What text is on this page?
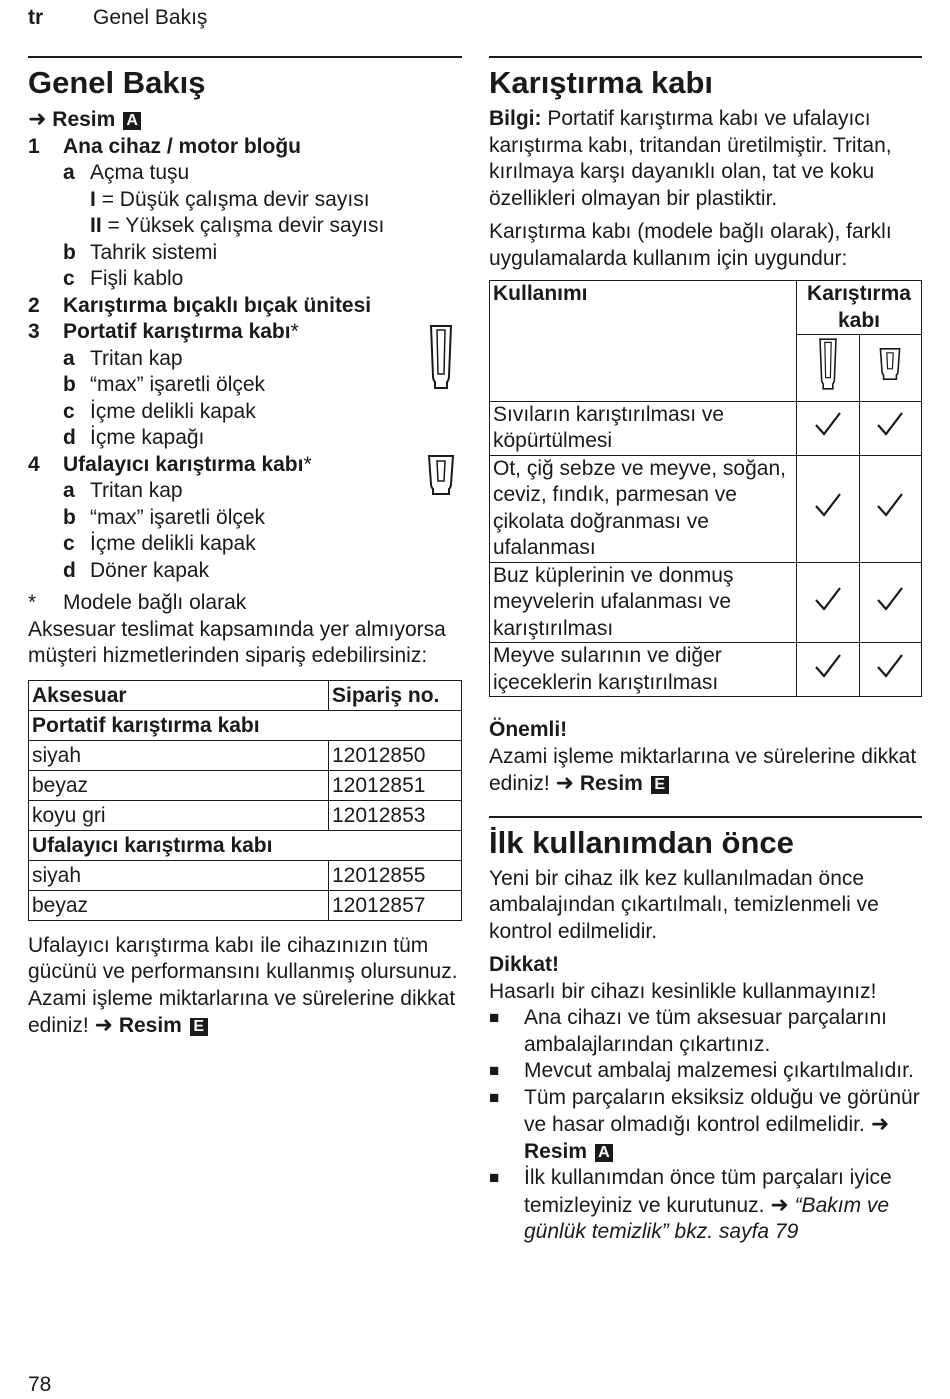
tr Genel Bakış
Genel Bakış
➜ Resim A
1	Ana cihaz / motor bloğu
a Açma tuşu
I = Düşük çalışma devir sayısı
II = Yüksek çalışma devir sayısı
b Tahrik sistemi
c Fişli kablo
2	Karıştırma bıçaklı bıçak ünitesi
3	Portatif karıştırma kabı*
a Tritan kap
b “max” işaretli ölçek
c İçme delikli kapak
d İçme kapağı
4	Ufalayıcı karıştırma kabı*
a Tritan kap
b “max” işaretli ölçek
c İçme delikli kapak
d Döner kapak
*	Modele bağlı olarak

Aksesuar teslimat kapsamında yer almıyorsa müşteri hizmetlerinden sipariş edebilirsiniz:

Aksesuar	Sipariş no.
Portatif karıştırma kabı	
siyah	12012850
beyaz	12012851
koyu gri	12012853
Ufalayıcı karıştırma kabı	
siyah	12012855
beyaz	12012857

Ufalayıcı karıştırma kabı ile cihazınızın tüm gücünü ve performansını kullanmış olursunuz. Azami işleme miktarlarına ve sürelerine dikkat ediniz! ➜ Resim E

Karıştırma kabı

Bilgi: Portatif karıştırma kabı ve ufalayıcı karıştırma kabı, tritandan üretilmiştir. Tritan, kırılmaya karşı dayanıklı olan, tat ve koku özellikleri olmayan bir plastiktir.

Karıştırma kabı (modele bağlı olarak), farklı uygulamalarda kullanım için uygundur:

Kullanımı	Karıştırma kabı	

Sıvıların karıştırılması ve köpürtülmesi		
Ot, çiğ sebze ve meyve, soğan, ceviz, fındık, parmesan ve çikolata doğranması ve ufalanması		
Buz küplerinin ve donmuş meyvelerin ufalanması ve karıştırılması		
Meyve sularının ve diğer içeceklerin karıştırılması		

Önemli!

Azami işleme miktarlarına ve sürelerine dikkat ediniz! ➜ Resim E

İlk kullanımdan önce

Yeni bir cihaz ilk kez kullanılmadan önce ambalajından çıkartılmalı, temizlenmeli ve kontrol edilmelidir.

Dikkat!

Hasarlı bir cihazı kesinlikle kullanmayınız!

■	Ana cihazı ve tüm aksesuar parçalarını ambalajlarından çıkartınız.
■	Mevcut ambalaj malzemesi çıkartılmalıdır.
■	Tüm parçaların eksiksiz olduğu ve görünür ve hasar olmadığı kontrol edilmelidir. ➜ Resim A
■	İlk kullanımdan önce tüm parçaları iyice temizleyiniz ve kurutunuz. ➜ “Bakım ve günlük temizlik” bkz. sayfa 79
78
